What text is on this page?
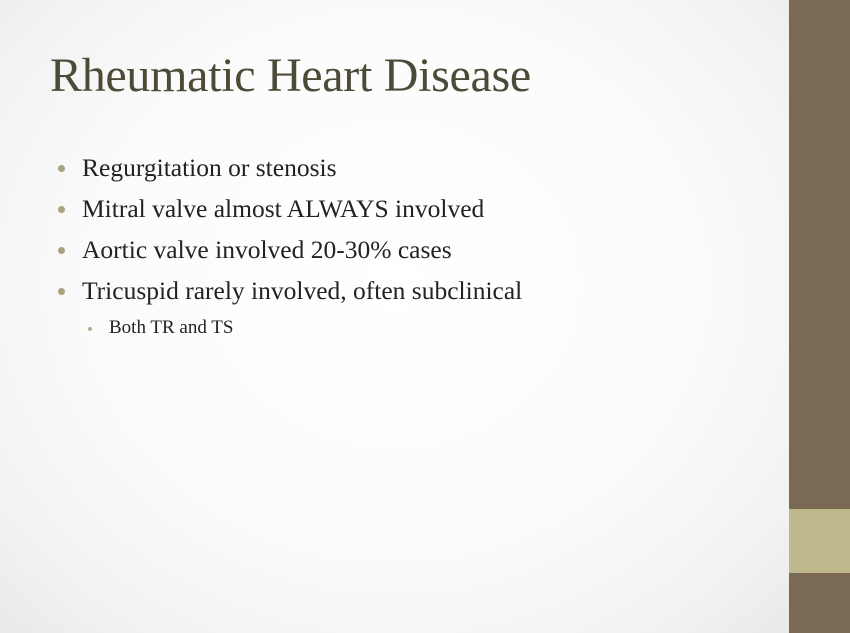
Rheumatic Heart Disease
Regurgitation or stenosis
Mitral valve almost ALWAYS involved
Aortic valve involved 20-30% cases
Tricuspid rarely involved, often subclinical
Both TR and TS
